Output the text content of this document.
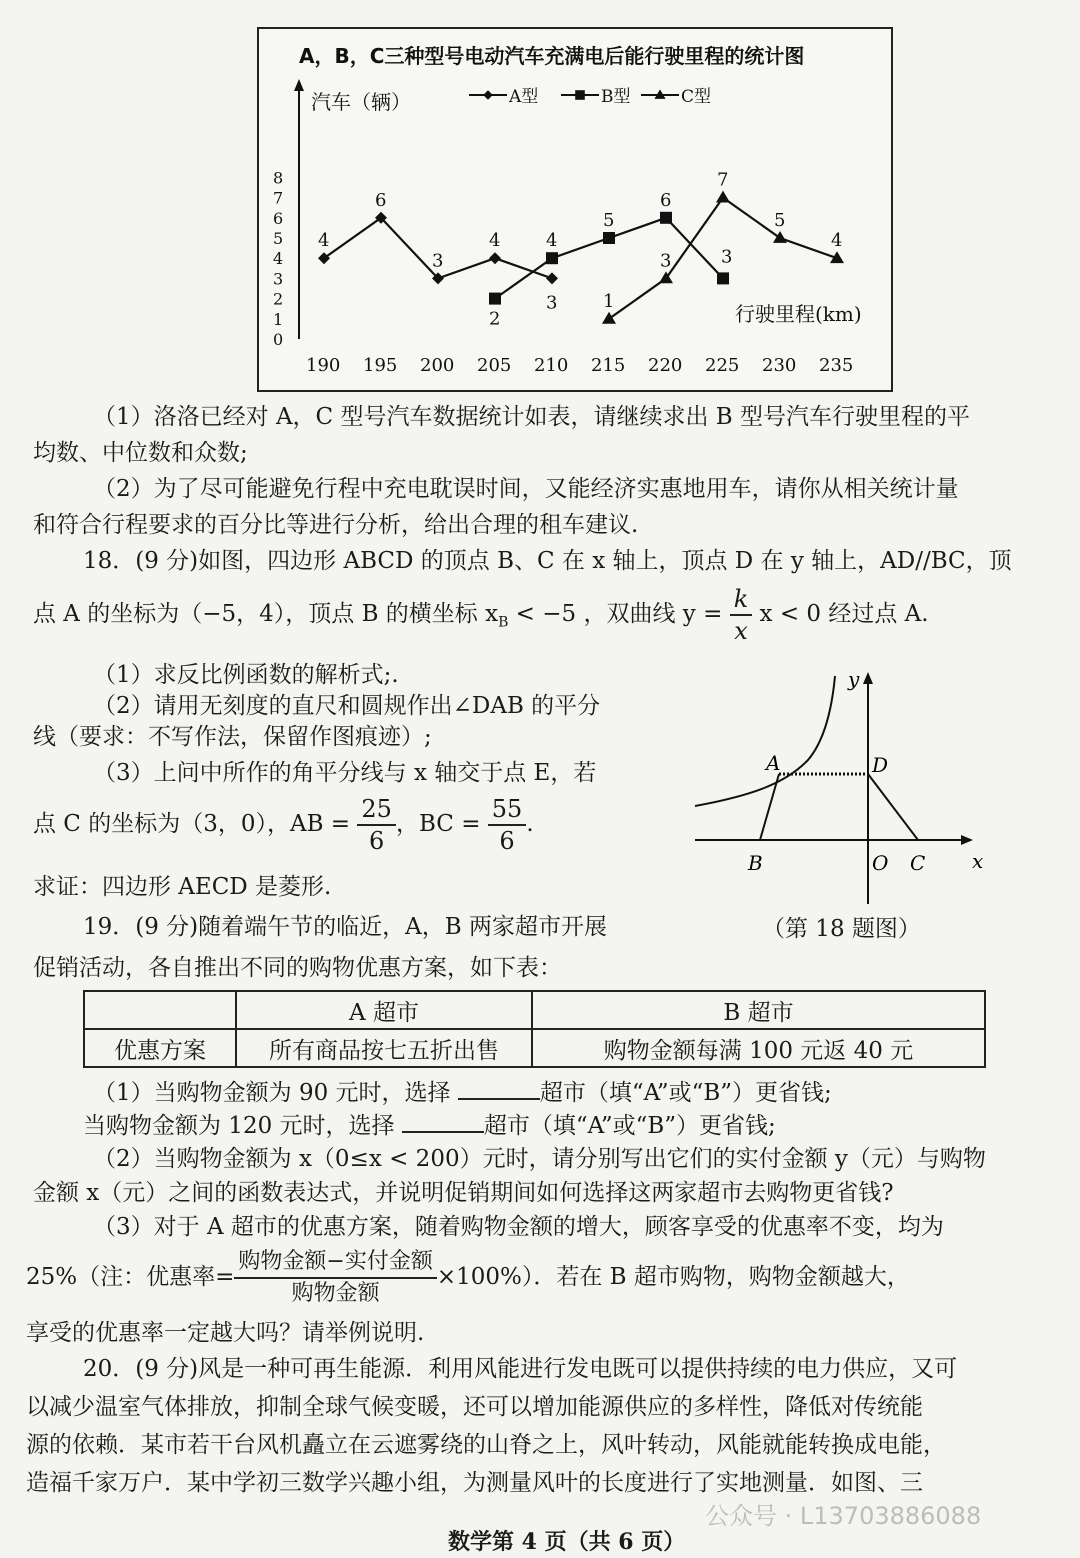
A，B，C三种型号电动汽车充满电后能行驶里程的统计图
汽车（辆）
行驶里程(km)
A型	B型	C型
0
1
2
3
4
5
6
7
8
190 195 200 205 210 215 220 225 230 235
4
6
3
4
3
2
4
5
6
3
1
3
7
5
4
（1）洛洛已经对 A，C 型号汽车数据统计如表，请继续求出 B 型号汽车行驶里程的平
均数、中位数和众数;
（2）为了尽可能避免行程中充电耽误时间，又能经济实惠地用车，请你从相关统计量
和符合行程要求的百分比等进行分析，给出合理的租车建议.
18．(9 分)如图，四边形 ABCD 的顶点 B、C 在 x 轴上，顶点 D 在 y 轴上，AD//BC，顶
点 A 的坐标为（−5，4），顶点 B 的横坐标 $x_B < -5$ ，双曲线 $y = \frac{k}{x}$ x < 0 经过点 A.
（1）求反比例函数的解析式;.
（2）请用无刻度的直尺和圆规作出∠DAB 的平分
线（要求：不写作法，保留作图痕迹）;
（3）上问中所作的角平分线与 x 轴交于点 E，若
点 C 的坐标为（3，0），AB = $\frac{25}{6}$ ，BC = $\frac{55}{6}$ .
求证：四边形 AECD 是菱形.
A	D
B	O C x
y
（第 18 题图）
19．(9 分)随着端午节的临近，A，B 两家超市开展
促销活动，各自推出不同的购物优惠方案，如下表：
	A 超市	B 超市
优惠方案	所有商品按七五折出售	购物金额每满 100 元返 40 元
（1）当购物金额为 90 元时，选择	超市（填“A”或“B”）更省钱;
当购物金额为 120 元时，选择	超市（填“A”或“B”）更省钱;
（2）当购物金额为 x（0≤x < 200）元时，请分别写出它们的实付金额 y（元）与购物
金额 x（元）之间的函数表达式，并说明促销期间如何选择这两家超市去购物更省钱?
（3）对于 A 超市的优惠方案，随着购物金额的增大，顾客享受的优惠率不变，均为
25%（注：优惠率= $\frac{\text{购物金额−实付金额}}{\text{购物金额}} \times 100\%$）．若在 B 超市购物，购物金额越大，
享受的优惠率一定越大吗？请举例说明.
20．(9 分)风是一种可再生能源．利用风能进行发电既可以提供持续的电力供应，又可
以减少温室气体排放，抑制全球气候变暖，还可以增加能源供应的多样性，降低对传统能
源的依赖．某市若干台风机矗立在云遮雾绕的山脊之上，风叶转动，风能就能转换成电能，
造福千家万户．某中学初三数学兴趣小组，为测量风叶的长度进行了实地测量．如图、三
公众号 · L13703886088
数学第 4 页（共 6 页）
